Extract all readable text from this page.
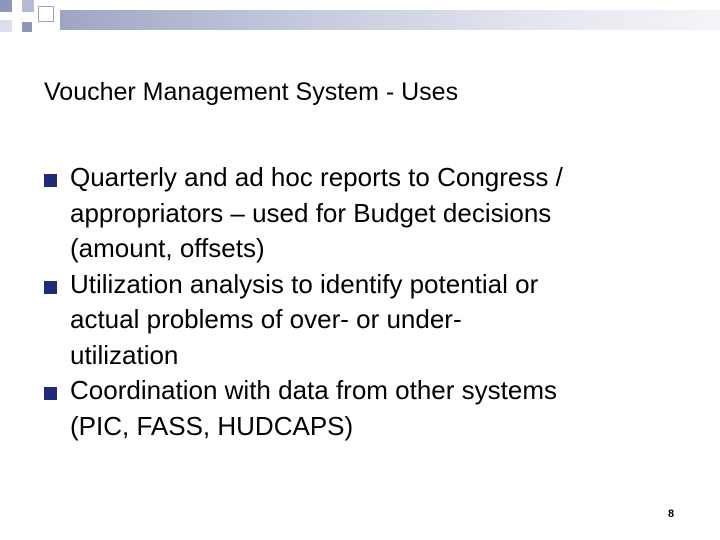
Voucher Management System - Uses
Quarterly and ad hoc reports to Congress /
appropriators – used for Budget decisions
(amount, offsets)
Utilization analysis to identify potential or
actual problems of over- or under-
utilization
Coordination with data from other systems
(PIC, FASS, HUDCAPS)
8
